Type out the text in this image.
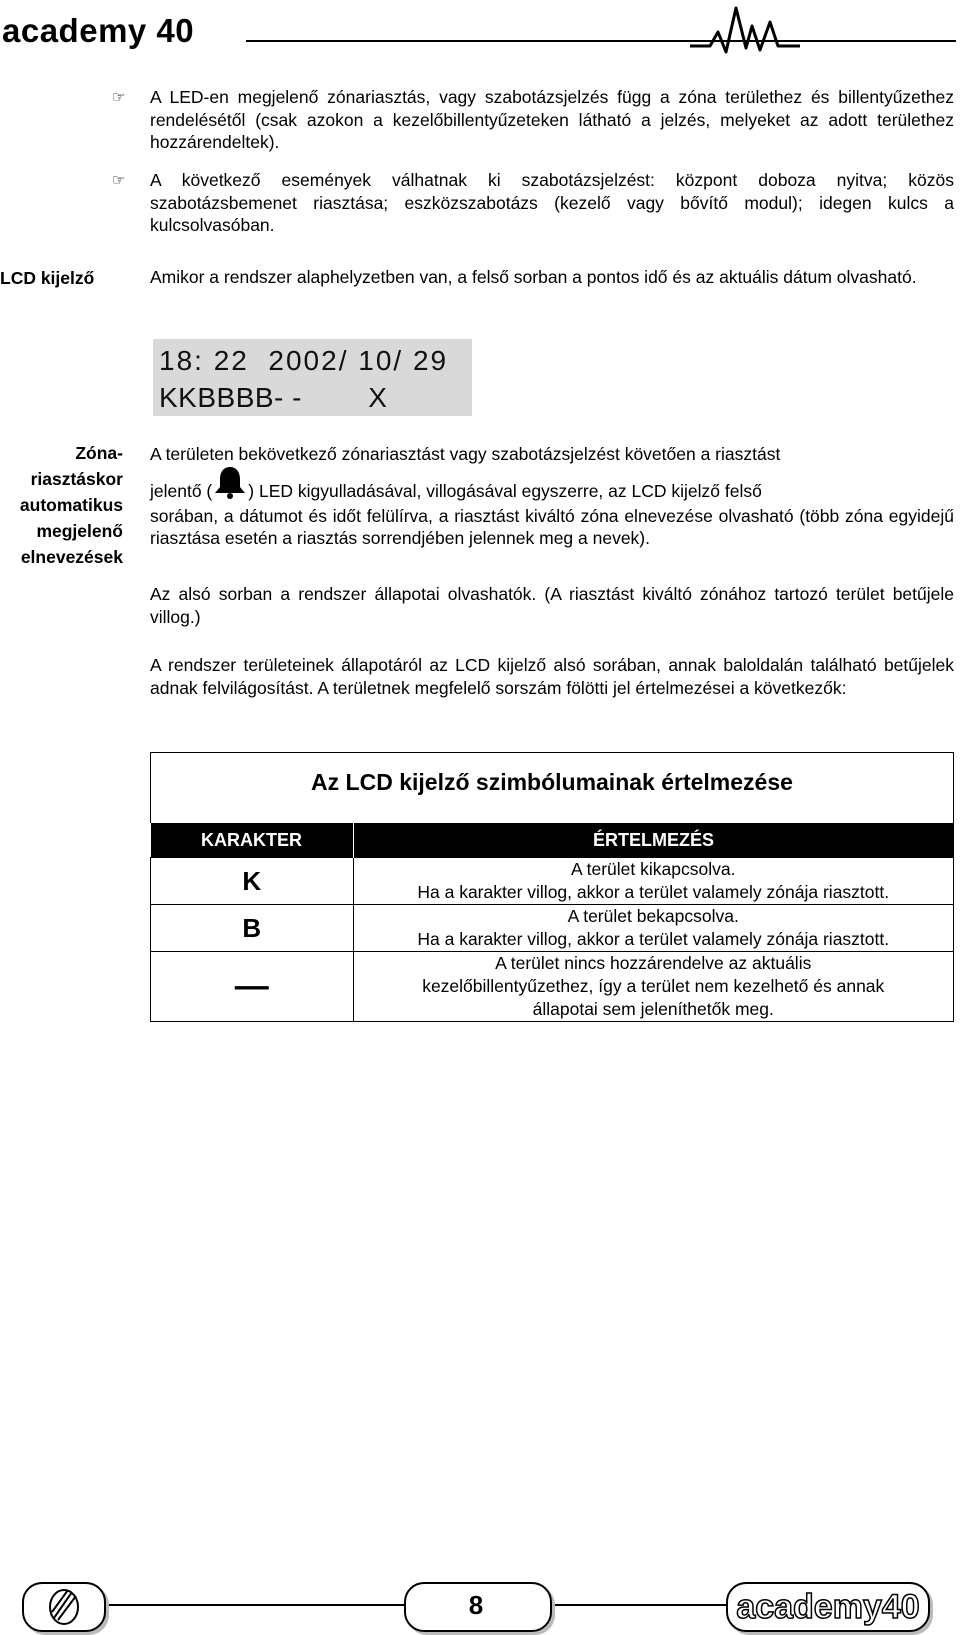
academy 40
☞ A LED-en megjelenő zónariasztás, vagy szabotázsjelzés függ a zóna területhez és billentyűzethez rendelésétől (csak azokon a kezelőbillentyűzeteken látható a jelzés, melyeket az adott területhez hozzárendeltek).
☞ A következő események válhatnak ki szabotázsjelzést: központ doboza nyitva; közös szabotázsbemenet riasztása; eszközszabotázs (kezelő vagy bővítő modul); idegen kulcs a kulcsolvasóban.
LCD kijelző	Amikor a rendszer alaphelyzetben van, a felső sorban a pontos idő és az aktuális dátum olvasható.
18: 22  2002/ 10/ 29
KKBBBB- -        X
Zóna-
riasztáskor
automatikus
megjelenő
elnevezések
A területen bekövetkező zónariasztást vagy szabotázsjelzést követően a riasztást
jelentő ( ) LED kigyulladásával, villogásával egyszerre, az LCD kijelző felső
sorában, a dátumot és időt felülírva, a riasztást kiváltó zóna elnevezése olvasható (több zóna egyidejű riasztása esetén a riasztás sorrendjében jelennek meg a nevek).
Az alsó sorban a rendszer állapotai olvashatók. (A riasztást kiváltó zónához tartozó terület betűjele villog.)
A rendszer területeinek állapotáról az LCD kijelző alsó sorában, annak baloldalán található betűjelek adnak felvilágosítást. A területnek megfelelő sorszám fölötti jel értelmezései a következők:
Az LCD kijelző szimbólumainak értelmezése	

KARAKTER	ÉRTELMEZÉS
K	A terület kikapcsolva.
Ha a karakter villog, akkor a terület valamely zónája riasztott.

B	A terület bekapcsolva.
Ha a karakter villog, akkor a terület valamely zónája riasztott.

—	A terület nincs hozzárendelve az aktuális
kezelőbillentyűzethez, így a terület nem kezelhető és annak
állapotai sem jeleníthetők meg.
8	academy40
